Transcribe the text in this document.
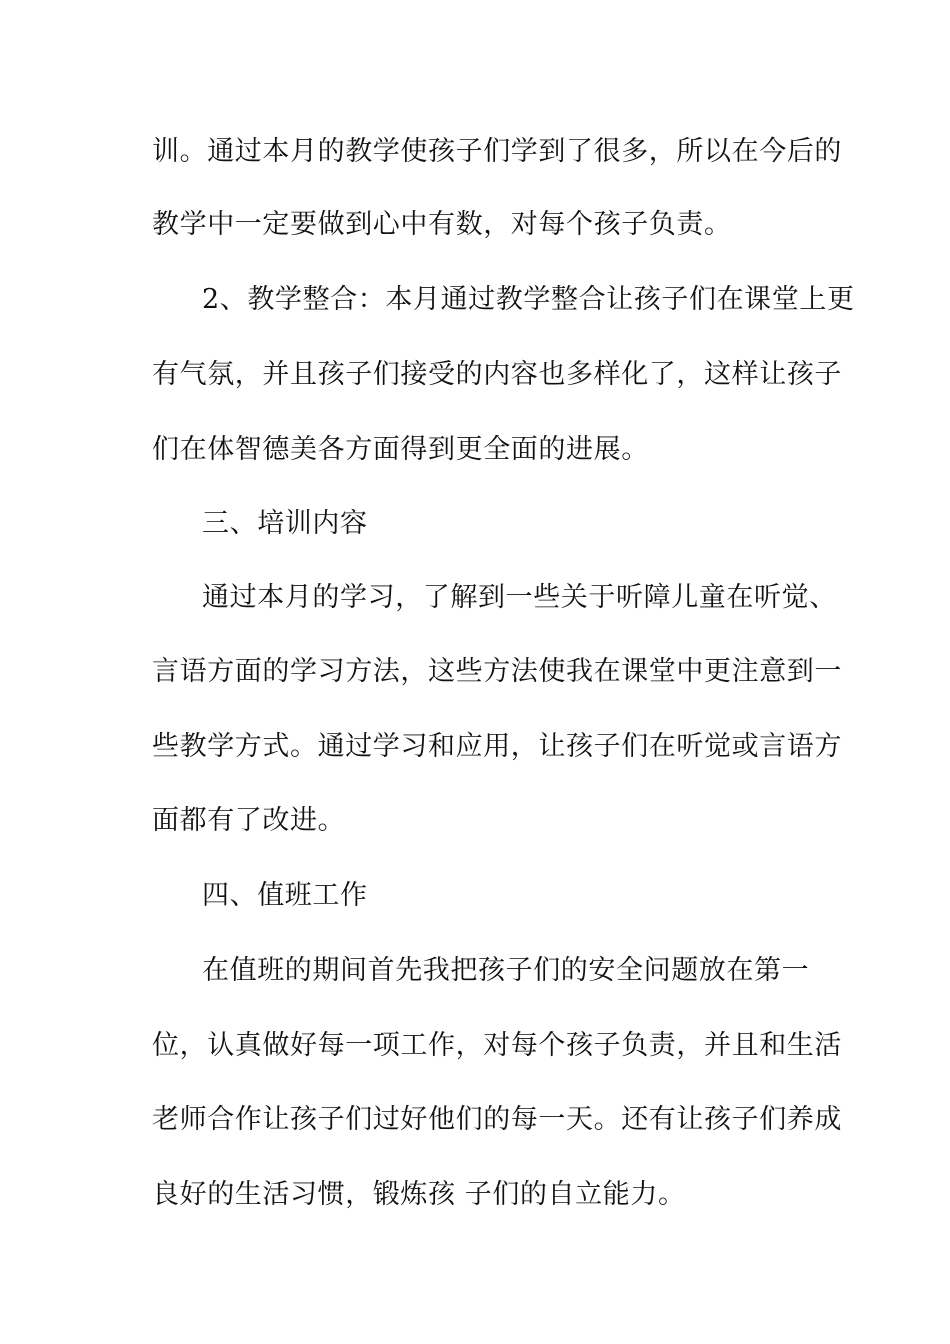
训。通过本月的教学使孩子们学到了很多，所以在今后的
教学中一定要做到心中有数，对每个孩子负责。
2、教学整合：本月通过教学整合让孩子们在课堂上更
有气氛，并且孩子们接受的内容也多样化了，这样让孩子
们在体智德美各方面得到更全面的进展。
三、培训内容
通过本月的学习，了解到一些关于听障儿童在听觉、
言语方面的学习方法，这些方法使我在课堂中更注意到一
些教学方式。通过学习和应用，让孩子们在听觉或言语方
面都有了改进。
四、值班工作
在值班的期间首先我把孩子们的安全问题放在第一
位，认真做好每一项工作，对每个孩子负责，并且和生活
老师合作让孩子们过好他们的每一天。还有让孩子们养成
良好的生活习惯，锻炼孩 子们的自立能力。
